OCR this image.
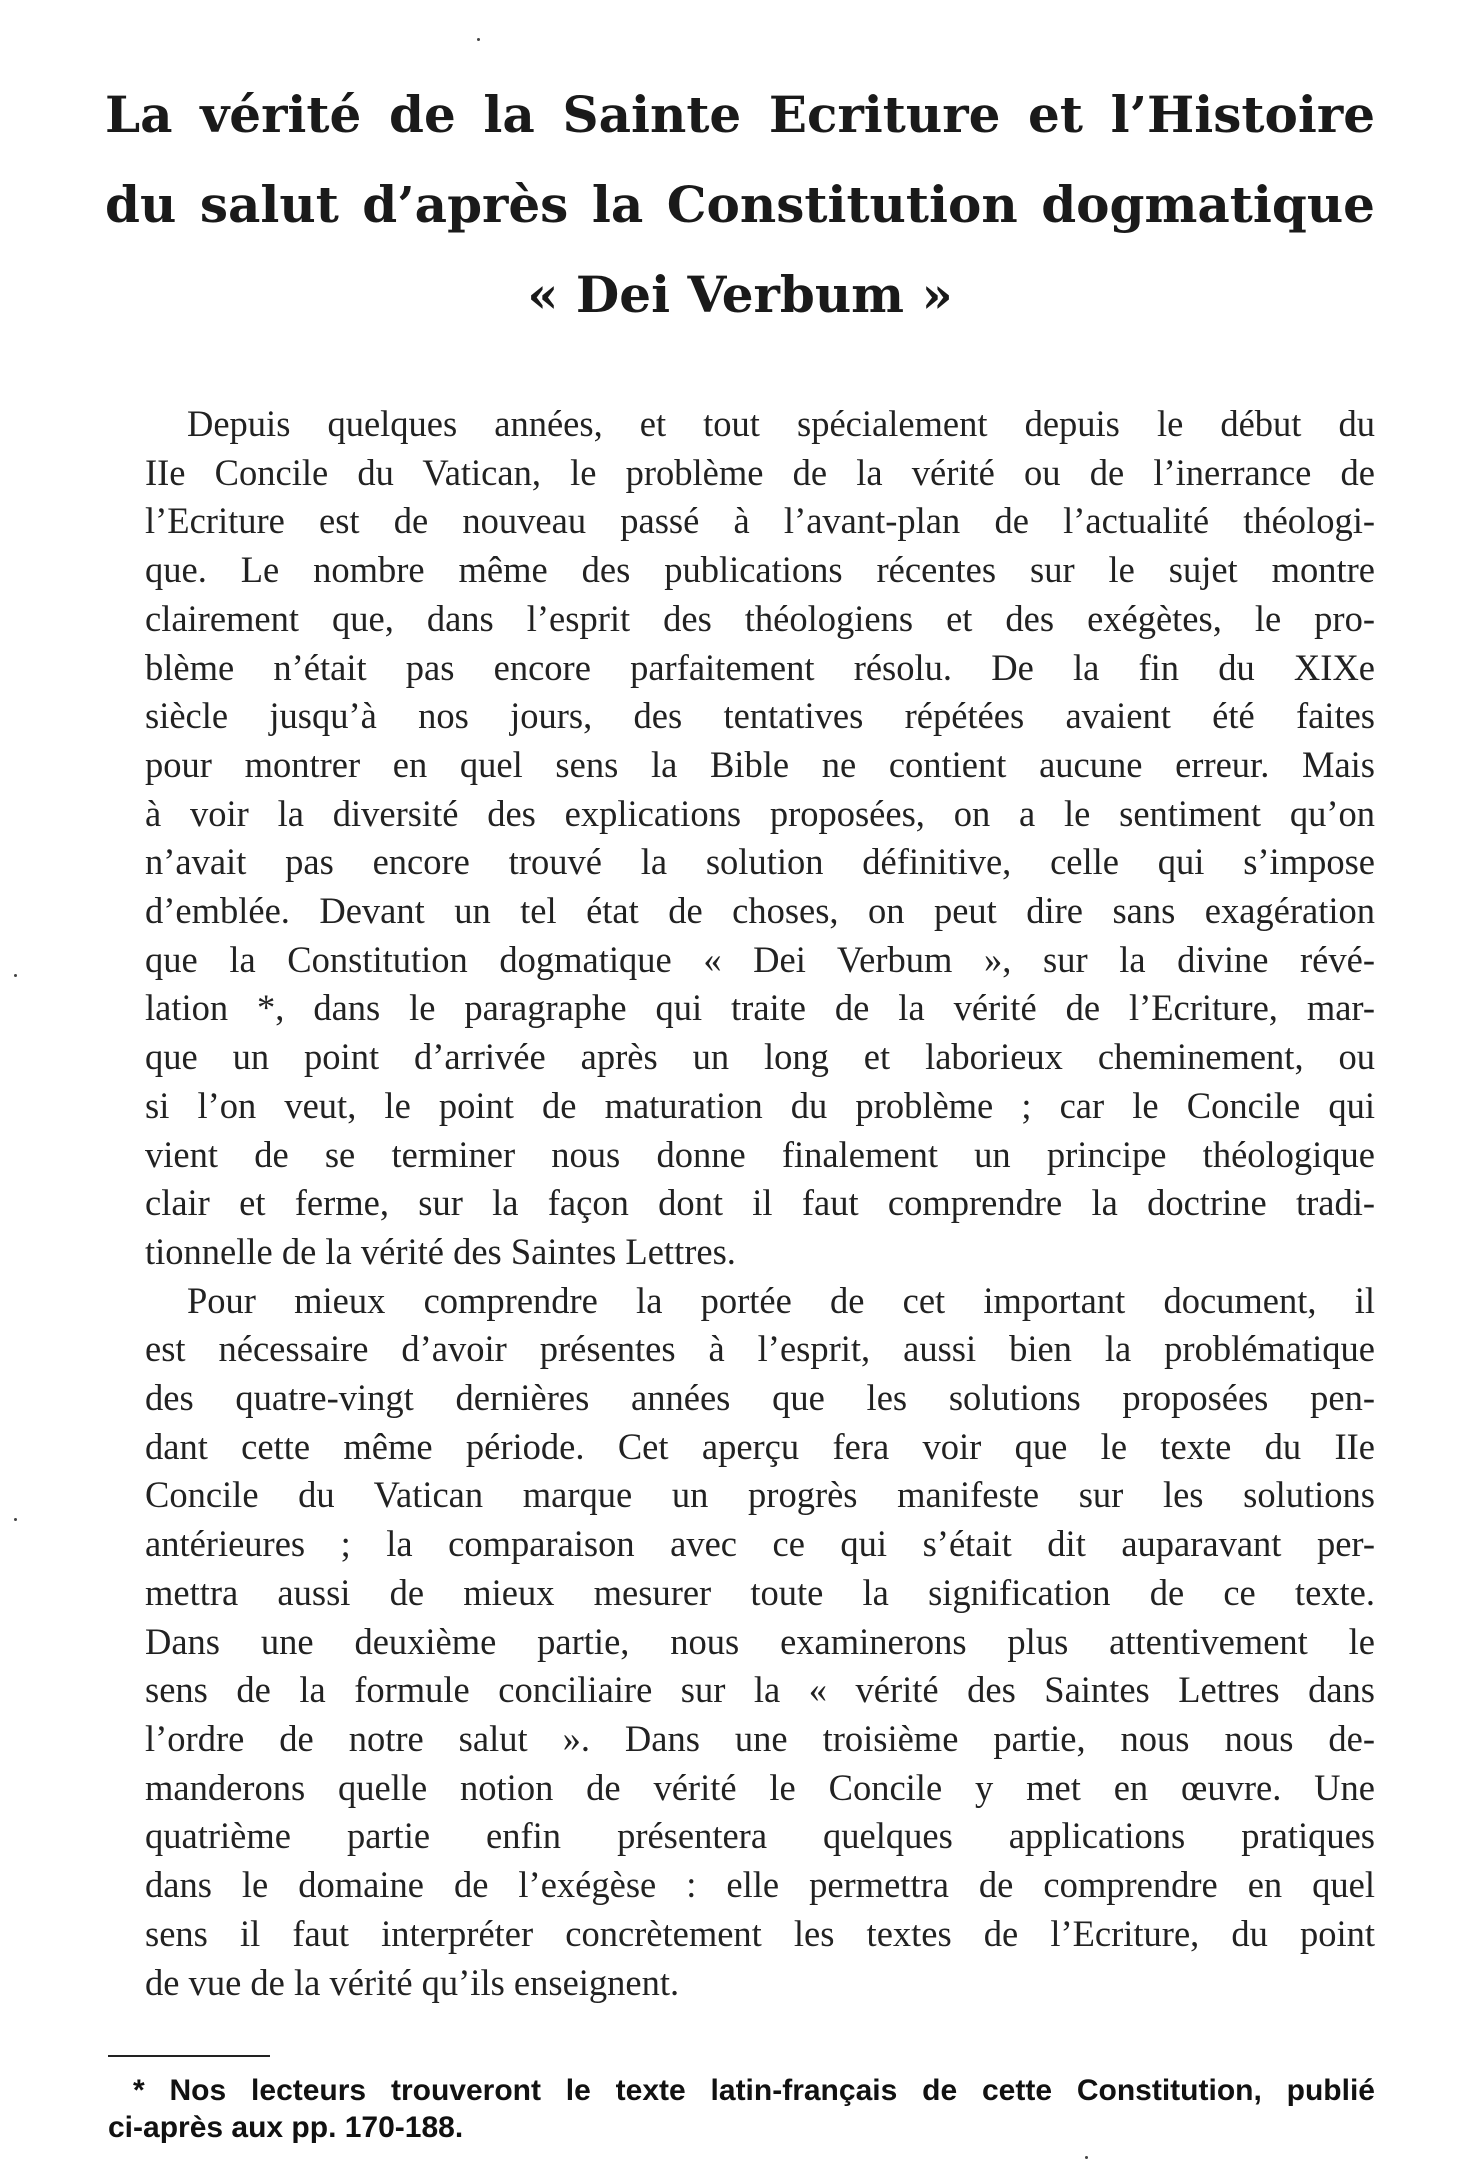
La vérité de la Sainte Ecriture et l’Histoire
du salut d’après la Constitution dogmatique
« Dei Verbum »

Depuis quelques années, et tout spécialement depuis le début du
IIe Concile du Vatican, le problème de la vérité ou de l’inerrance de
l’Ecriture est de nouveau passé à l’avant-plan de l’actualité théologi-
que. Le nombre même des publications récentes sur le sujet montre
clairement que, dans l’esprit des théologiens et des exégètes, le pro-
blème n’était pas encore parfaitement résolu. De la fin du XIXe
siècle jusqu’à nos jours, des tentatives répétées avaient été faites
pour montrer en quel sens la Bible ne contient aucune erreur. Mais
à voir la diversité des explications proposées, on a le sentiment qu’on
n’avait pas encore trouvé la solution définitive, celle qui s’impose
d’emblée. Devant un tel état de choses, on peut dire sans exagération
que la Constitution dogmatique « Dei Verbum », sur la divine révé-
lation *, dans le paragraphe qui traite de la vérité de l’Ecriture, mar-
que un point d’arrivée après un long et laborieux cheminement, ou
si l’on veut, le point de maturation du problème ; car le Concile qui
vient de se terminer nous donne finalement un principe théologique
clair et ferme, sur la façon dont il faut comprendre la doctrine tradi-
tionnelle de la vérité des Saintes Lettres.

Pour mieux comprendre la portée de cet important document, il
est nécessaire d’avoir présentes à l’esprit, aussi bien la problématique
des quatre-vingt dernières années que les solutions proposées pen-
dant cette même période. Cet aperçu fera voir que le texte du IIe
Concile du Vatican marque un progrès manifeste sur les solutions
antérieures ; la comparaison avec ce qui s’était dit auparavant per-
mettra aussi de mieux mesurer toute la signification de ce texte.
Dans une deuxième partie, nous examinerons plus attentivement le
sens de la formule conciliaire sur la « vérité des Saintes Lettres dans
l’ordre de notre salut ». Dans une troisième partie, nous nous de-
manderons quelle notion de vérité le Concile y met en œuvre. Une
quatrième partie enfin présentera quelques applications pratiques
dans le domaine de l’exégèse : elle permettra de comprendre en quel
sens il faut interpréter concrètement les textes de l’Ecriture, du point
de vue de la vérité qu’ils enseignent.

* Nos lecteurs trouveront le texte latin-français de cette Constitution, publié
ci-après aux pp. 170-188.
